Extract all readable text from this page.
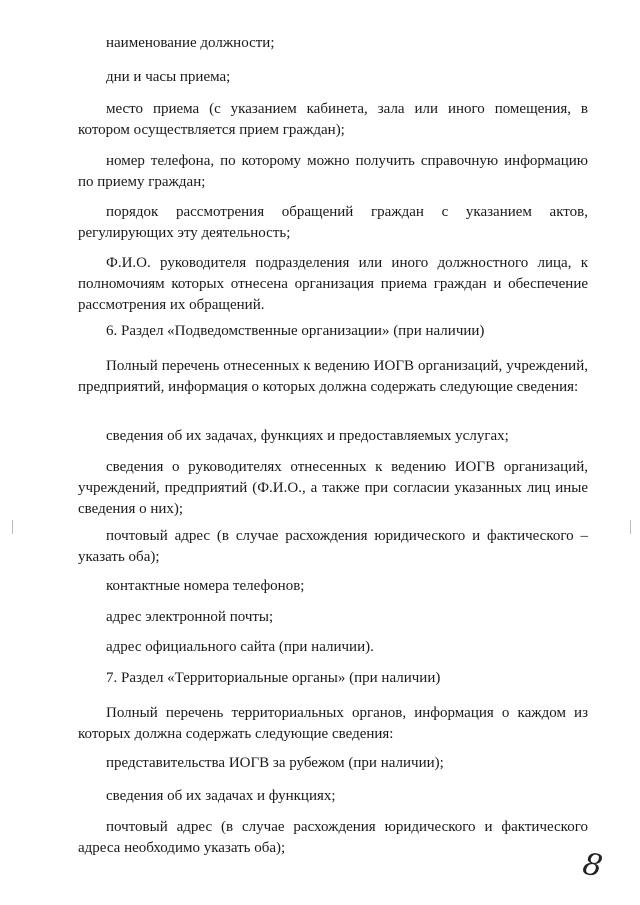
наименование должности;

дни и часы приема;

место приема (с указанием кабинета, зала или иного помещения, в котором осуществляется прием граждан);

номер телефона, по которому можно получить справочную информацию по приему граждан;

порядок рассмотрения обращений граждан с указанием актов, регулирующих эту деятельность;

Ф.И.О. руководителя подразделения или иного должностного лица, к полномочиям которых отнесена организация приема граждан и обеспечение рассмотрения их обращений.

6. Раздел «Подведомственные организации» (при наличии)

Полный перечень отнесенных к ведению ИОГВ организаций, учреждений, предприятий, информация о которых должна содержать следующие сведения:

сведения об их задачах, функциях и предоставляемых услугах;

сведения о руководителях отнесенных к ведению ИОГВ организаций, учреждений, предприятий (Ф.И.О., а также при согласии указанных лиц иные сведения о них);

почтовый адрес (в случае расхождения юридического и фактического – указать оба);

контактные номера телефонов;

адрес электронной почты;

адрес официального сайта (при наличии).

7. Раздел «Территориальные органы» (при наличии)

Полный перечень территориальных органов, информация о каждом из которых должна содержать следующие сведения:

представительства ИОГВ за рубежом (при наличии);

сведения об их задачах и функциях;

почтовый адрес (в случае расхождения юридического и фактического адреса необходимо указать оба);	8
